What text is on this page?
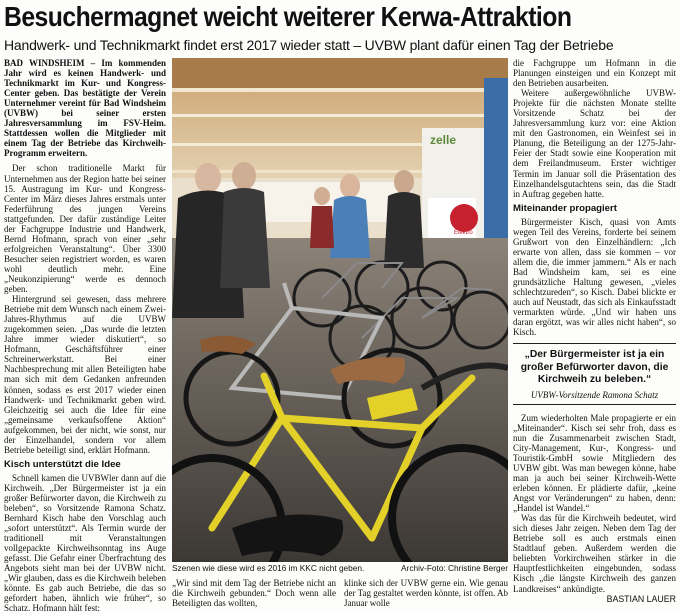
Besuchermagnet weicht weiterer Kerwa-Attraktion
Handwerk- und Technikmarkt findet erst 2017 wieder statt – UVBW plant dafür einen Tag der Betriebe

BAD WINDSHEIM – Im kommenden Jahr wird es keinen Handwerk- und Technikmarkt im Kur- und Kongress-Center geben. Das bestätigte der Verein Unternehmer vereint für Bad Windsheim (UVBW) bei seiner ersten Jahresversammlung im FSV-Heim. Stattdessen wollen die Mitglieder mit einem Tag der Betriebe das Kirchweih-Programm erweitern.

Der schon traditionelle Markt für Unternehmen aus der Region hatte bei seiner 15. Austragung im Kur- und Kongress-Center im März dieses Jahres erstmals unter Federführung des jungen Vereins stattgefunden. Der dafür zuständige Leiter der Fachgruppe Industrie und Handwerk, Bernd Hofmann, sprach von einer „sehr erfolgreichen Veranstaltung“. Über 3300 Besucher seien registriert worden, es waren wohl deutlich mehr. Eine „Neukonzipierung“ werde es dennoch geben.

Hintergrund sei gewesen, dass mehrere Betriebe mit dem Wunsch nach einem Zwei-Jahres-Rhythmus auf die UVBW zugekommen seien. „Das wurde die letzten Jahre immer wieder diskutiert“, so Hofmann, Geschäftsführer einer Schreinerwerkstatt. Bei einer Nachbesprechung mit allen Beteiligten habe man sich mit dem Gedanken anfreunden können, sodass es erst 2017 wieder einen Handwerk- und Technikmarkt geben wird. Gleichzeitig sei auch die Idee für eine „gemeinsame verkaufsoffene Aktion“ aufgekommen, bei der nicht, wie sonst, nur der Einzelhandel, sondern vor allem Betriebe beteiligt sind, erklärt Hofmann.

Kisch unterstützt die Idee

Schnell kamen die UVBWler dann auf die Kirchweih. „Der Bürgermeister ist ja ein großer Befürworter davon, die Kirchweih zu beleben“, so Vorsitzende Ramona Schatz. Bernhard Kisch habe den Vorschlag auch „sofort unterstützt“. Als Termin wurde der traditionell mit Veranstaltungen vollgepackte Kirchweihsonntag ins Auge gefasst. Die Gefahr einer Überfrachtung des Angebots sieht man bei der UVBW nicht. „Wir glauben, dass es die Kirchweih beleben könnte. Es gab auch Betriebe, die das so gefordert haben, ähnlich wie früher“, so Schatz. Hofmann hält fest:

zelle
Elektro
Szenen wie diese wird es 2016 im KKC nicht geben.	Archiv-Foto: Christine Berger
„Wir sind mit dem Tag der Betriebe nicht an die Kirchweih gebunden.“ Doch wenn alle Beteiligten das wollten,
klinke sich der UVBW gerne ein. Wie genau der Tag gestaltet werden könnte, ist offen. Ab Januar wolle

die Fachgruppe um Hofmann in die Planungen einsteigen und ein Konzept mit den Betrieben ausarbeiten.

Weitere außergewöhnliche UVBW-Projekte für die nächsten Monate stellte Vorsitzende Schatz bei der Jahresversammlung kurz vor: eine Aktion mit den Gastronomen, ein Weinfest sei in Planung, die Beteiligung an der 1275-Jahr-Feier der Stadt sowie eine Kooperation mit dem Freilandmuseum. Erster wichtiger Termin im Januar soll die Präsentation des Einzelhandelsgutachtens sein, das die Stadt in Auftrag gegeben hatte.

Miteinander propagiert

Bürgermeister Kisch, quasi von Amts wegen Teil des Vereins, forderte bei seinem Grußwort von den Einzelhändlern: „Ich erwarte von allen, dass sie kommen – vor allem die, die immer jammern.“ Als er nach Bad Windsheim kam, sei es eine grundsätzliche Haltung gewesen, „vieles schlechtzureden“, so Kisch. Dabei blickte er auch auf Neustadt, das sich als Einkaufsstadt vermarkten würde. „Und wir haben uns daran ergötzt, was wir alles nicht haben“, so Kisch.

„Der Bürgermeister ist ja ein großer Befürworter davon, die Kirchweih zu beleben.“
UVBW-Vorsitzende Ramona Schatz

Zum wiederholten Male propagierte er ein „Miteinander“. Kisch sei sehr froh, dass es nun die Zusammenarbeit zwischen Stadt, City-Management, Kur-, Kongress- und Touristik-GmbH sowie Mitgliedern des UVBW gibt. Was man bewegen könne, habe man ja auch bei seiner Kirchweih-Wette erleben können. Er plädierte dafür, „keine Angst vor Veränderungen“ zu haben, denn: „Handel ist Wandel.“

Was das für die Kirchweih bedeutet, wird sich dieses Jahr zeigen. Neben dem Tag der Betriebe soll es auch erstmals einen Stadtlauf geben. Außerdem werden die beliebten Vorkirchweihen stärker in die Hauptfestlichkeiten eingebunden, sodass Kisch „die längste Kirchweih des ganzen Landkreises“ ankündigte.

BASTIAN LAUER
